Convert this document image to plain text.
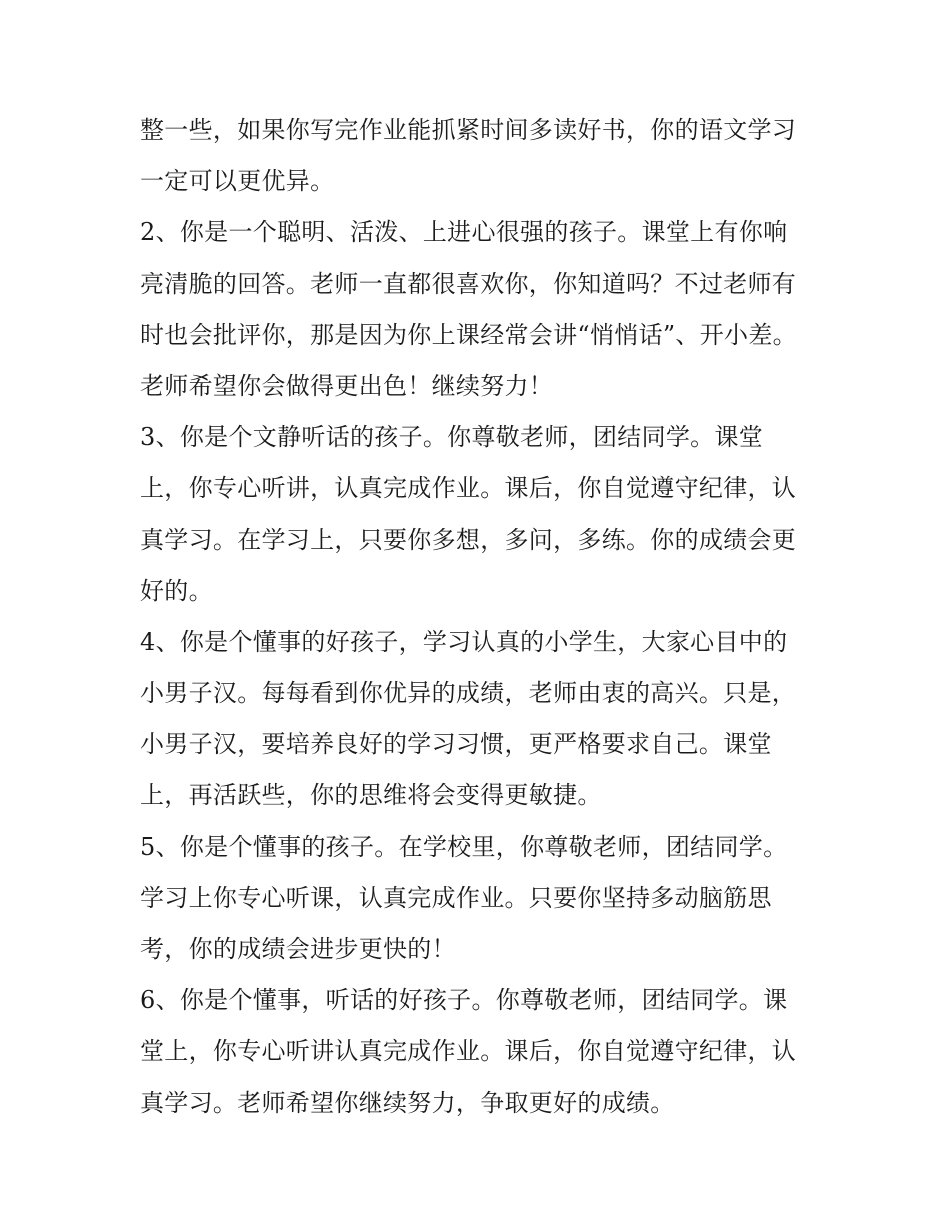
整一些，如果你写完作业能抓紧时间多读好书，你的语文学习
一定可以更优异。
2、你是一个聪明、活泼、上进心很强的孩子。课堂上有你响
亮清脆的回答。老师一直都很喜欢你，你知道吗？不过老师有
时也会批评你，那是因为你上课经常会讲“悄悄话”、开小差。
老师希望你会做得更出色！继续努力！
3、你是个文静听话的孩子。你尊敬老师，团结同学。课堂
上，你专心听讲，认真完成作业。课后，你自觉遵守纪律，认
真学习。在学习上，只要你多想，多问，多练。你的成绩会更
好的。
4、你是个懂事的好孩子，学习认真的小学生，大家心目中的
小男子汉。每每看到你优异的成绩，老师由衷的高兴。只是，
小男子汉，要培养良好的学习习惯，更严格要求自己。课堂
上，再活跃些，你的思维将会变得更敏捷。
5、你是个懂事的孩子。在学校里，你尊敬老师，团结同学。
学习上你专心听课，认真完成作业。只要你坚持多动脑筋思
考，你的成绩会进步更快的！
6、你是个懂事，听话的好孩子。你尊敬老师，团结同学。课
堂上，你专心听讲认真完成作业。课后，你自觉遵守纪律，认
真学习。老师希望你继续努力，争取更好的成绩。
